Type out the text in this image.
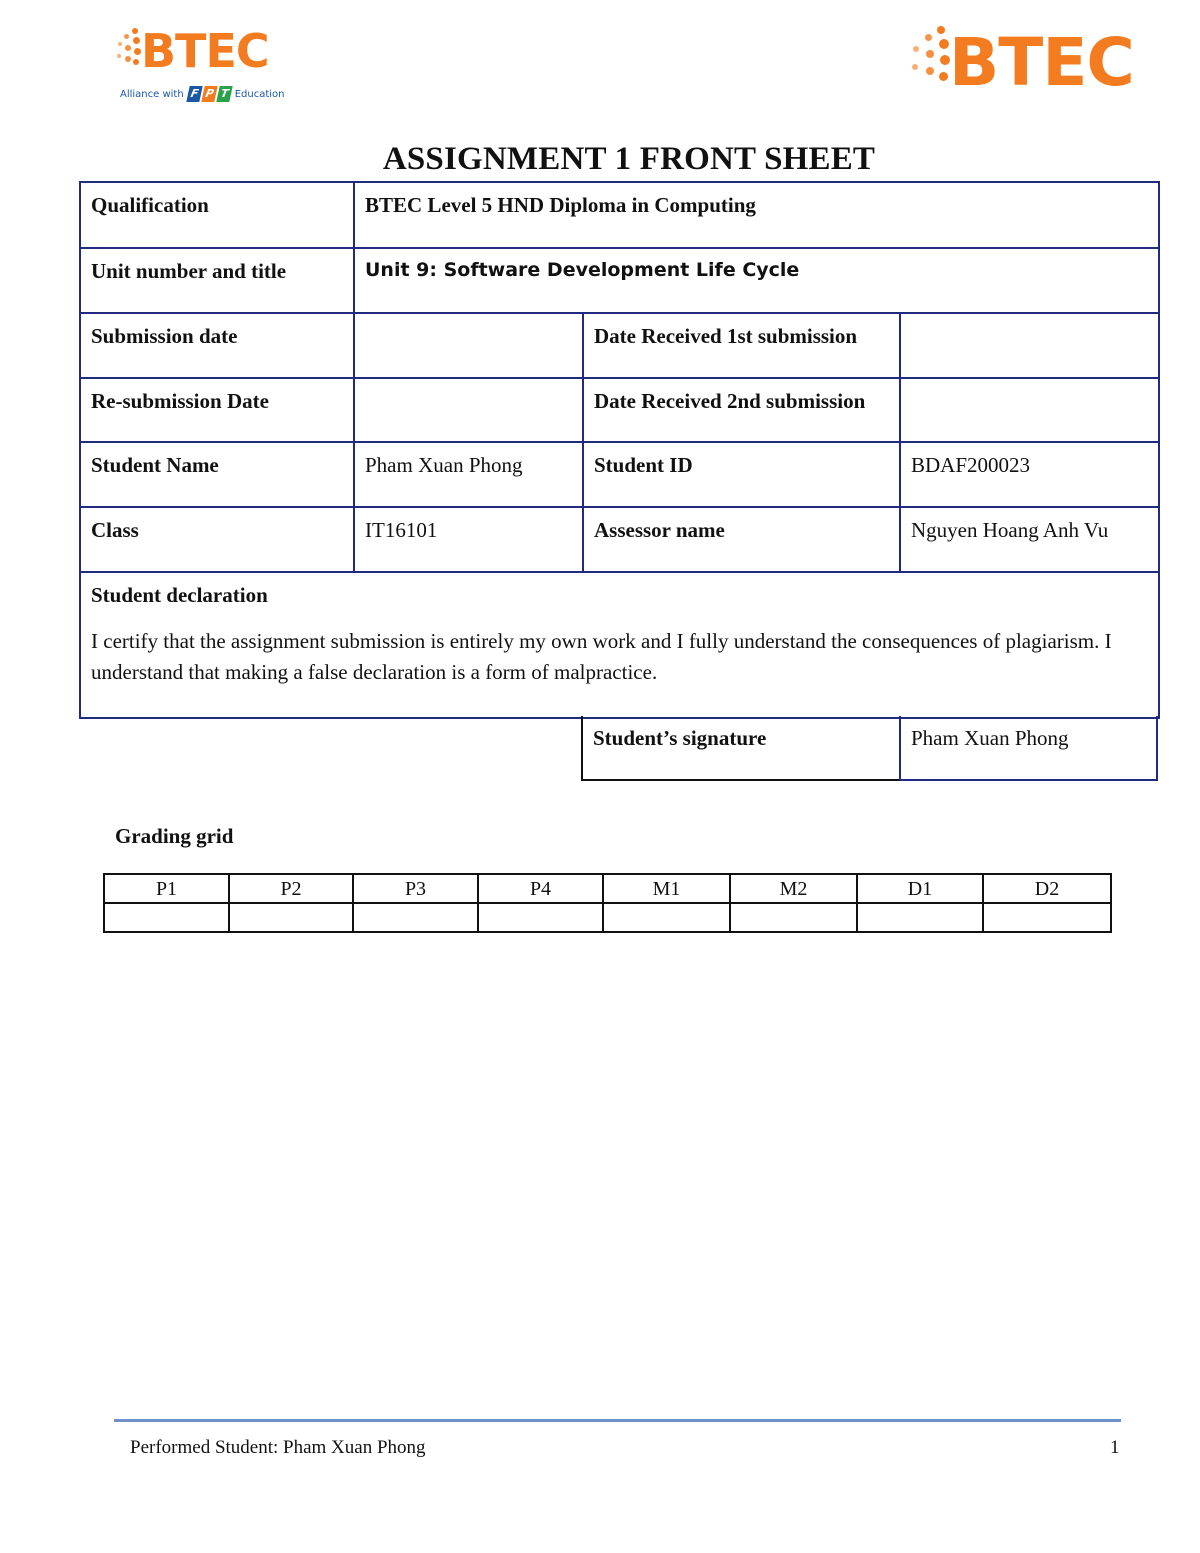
BTEC
Alliance with F P T Education	BTEC
ASSIGNMENT 1 FRONT SHEET
Qualification	BTEC Level 5 HND Diploma in Computing		
Unit number and title	Unit 9: Software Development Life Cycle		
Submission date		Date Received 1st submission	
Re-submission Date		Date Received 2nd submission	
Student Name	Pham Xuan Phong	Student ID	BDAF200023
Class	IT16101	Assessor name	Nguyen Hoang Anh Vu

Student declaration
I certify that the assignment submission is entirely my own work and I fully understand the consequences of plagiarism. I understand that making a false declaration is a form of malpractice.			
Student’s signature	Pham Xuan Phong
Grading grid
P1	P2	P3	P4	M1	M2	D1	D2

Performed Student: Pham Xuan Phong	1
